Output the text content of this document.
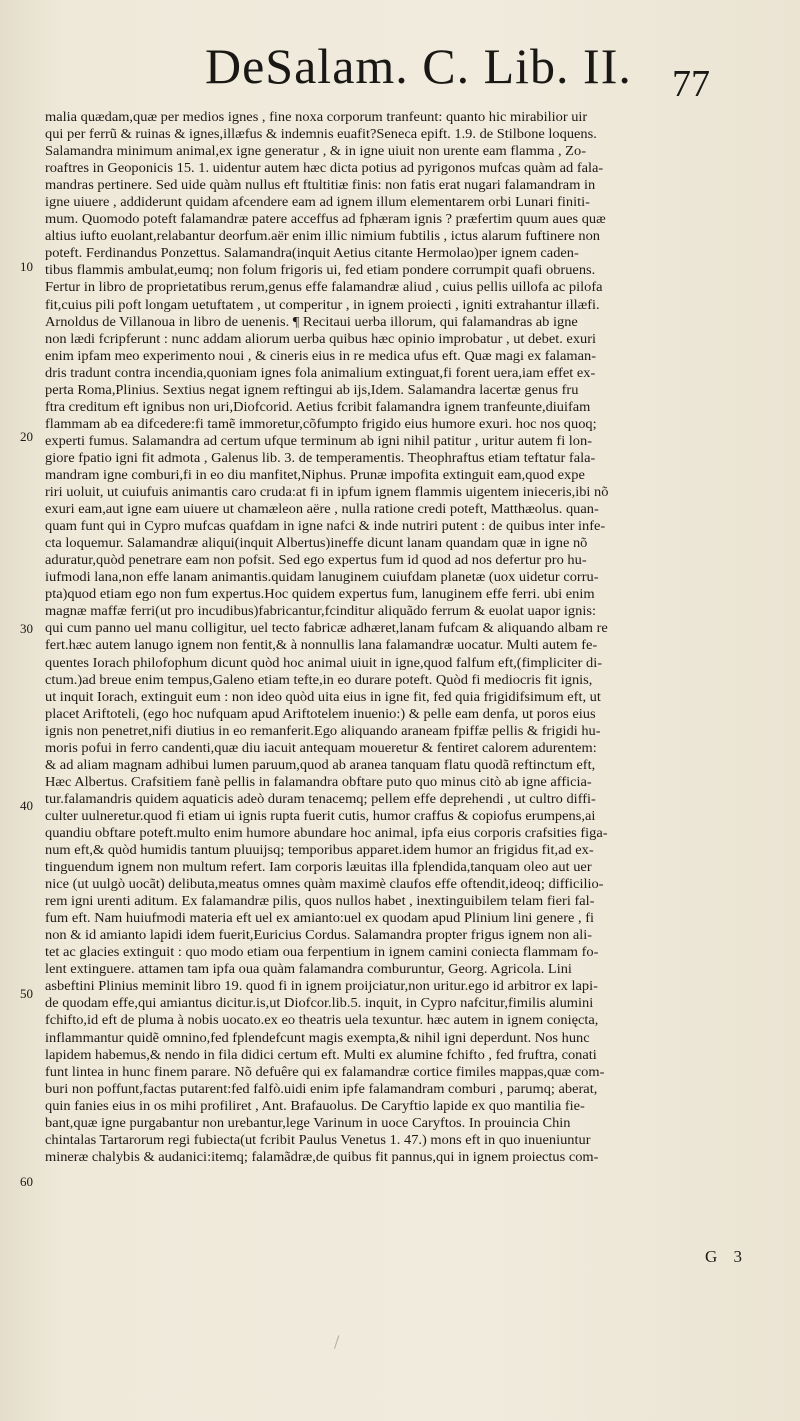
DeSalam. C. Lib. II. 77
10
20
30
40
50
60
malia quædam,quæ per medios ignes , fine noxa corporum tranfeunt: quanto hic mirabilior uir
qui per ferrũ & ruinas & ignes,illæfus & indemnis euafit?Seneca epift. 1.9. de Stilbone loquens.
Salamandra minimum animal,ex igne generatur , & in igne uiuit non urente eam flamma , Zo-
roaftres in Geoponicis 15. 1. uidentur autem hæc dicta potius ad pyrigonos mufcas quàm ad fala-
mandras pertinere. Sed uide quàm nullus eft ftultitiæ finis: non fatis erat nugari falamandram in
igne uiuere , addiderunt quidam afcendere eam ad ignem illum elementarem orbi Lunari finiti-
mum. Quomodo poteft falamandræ patere acceffus ad fphæram ignis ? præfertim quum aues quæ
altius iufto euolant,relabantur deorfum.aër enim illic nimium fubtilis , ictus alarum fuftinere non
poteft. Ferdinandus Ponzettus. Salamandra(inquit Aetius citante Hermolao)per ignem caden-
tibus flammis ambulat,eumq; non folum frigoris ui, fed etiam pondere corrumpit quafi obruens.
Fertur in libro de proprietatibus rerum,genus effe falamandræ aliud , cuius pellis uillofa ac pilofa
fit,cuius pili poft longam uetuftatem , ut comperitur , in ignem proiecti , igniti extrahantur illæfi.
Arnoldus de Villanoua in libro de uenenis. ¶ Recitaui uerba illorum, qui falamandras ab igne
non lædi fcripferunt : nunc addam aliorum uerba quibus hæc opinio improbatur , ut debet. exuri
enim ipfam meo experimento noui , & cineris eius in re medica ufus eft. Quæ magi ex falaman-
dris tradunt contra incendia,quoniam ignes fola animalium extinguat,fi forent uera,iam effet ex-
perta Roma,Plinius. Sextius negat ignem reftingui ab ijs,Idem. Salamandra lacertæ genus fru
ftra creditum eft ignibus non uri,Diofcorid. Aetius fcribit falamandra ignem tranfeunte,diuifam
flammam ab ea difcedere:fi tamẽ immoretur,cõfumpto frigido eius humore exuri. hoc nos quoq;
experti fumus. Salamandra ad certum ufque terminum ab igni nihil patitur , uritur autem fi lon-
giore fpatio igni fit admota , Galenus lib. 3. de temperamentis. Theophraftus etiam teftatur fala-
mandram igne comburi,fi in eo diu manfitet,Niphus. Prunæ impofita extinguit eam,quod expe
riri uoluit, ut cuiufuis animantis caro cruda:at fi in ipfum ignem flammis uigentem inieceris,ibi nõ
exuri eam,aut igne eam uiuere ut chamæleon aëre , nulla ratione credi poteft, Matthæolus. quan-
quam funt qui in Cypro mufcas quafdam in igne nafci & inde nutriri putent : de quibus inter infe-
cta loquemur. Salamandræ aliqui(inquit Albertus)ineffe dicunt lanam quandam quæ in igne nõ
aduratur,quòd penetrare eam non pofsit. Sed ego expertus fum id quod ad nos defertur pro hu-
iufmodi lana,non effe lanam animantis.quidam lanuginem cuiufdam planetæ (uox uidetur corru-
pta)quod etiam ego non fum expertus.Hoc quidem expertus fum, lanuginem effe ferri. ubi enim
magnæ maffæ ferri(ut pro incudibus)fabricantur,fcinditur aliquãdo ferrum & euolat uapor ignis:
qui cum panno uel manu colligitur, uel tecto fabricæ adhæret,lanam fufcam & aliquando albam re
fert.hæc autem lanugo ignem non fentit,& à nonnullis lana falamandræ uocatur. Multi autem fe-
quentes Iorach philofophum dicunt quòd hoc animal uiuit in igne,quod falfum eft,(fimpliciter di-
ctum.)ad breue enim tempus,Galeno etiam tefte,in eo durare poteft. Quòd fi mediocris fit ignis,
ut inquit Iorach, extinguit eum : non ideo quòd uita eius in igne fit, fed quia frigidifsimum eft, ut
placet Ariftoteli, (ego hoc nufquam apud Ariftotelem inuenio:) & pelle eam denfa, ut poros eius
ignis non penetret,nifi diutius in eo remanferit.Ego aliquando araneam fpiffæ pellis & frigidi hu-
moris pofui in ferro candenti,quæ diu iacuit antequam moueretur & fentiret calorem adurentem:
& ad aliam magnam adhibui lumen paruum,quod ab aranea tanquam flatu quodã reftinctum eft,
Hæc Albertus. Crafsitiem fanè pellis in falamandra obftare puto quo minus citò ab igne afficia-
tur.falamandris quidem aquaticis adeò duram tenacemq; pellem effe deprehendi , ut cultro diffi-
culter uulneretur.quod fi etiam ui ignis rupta fuerit cutis, humor craffus & copiofus erumpens,ai
quandiu obftare poteft.multo enim humore abundare hoc animal, ipfa eius corporis crafsities figa-
num eft,& quòd humidis tantum pluuijsq; temporibus apparet.idem humor an frigidus fit,ad ex-
tinguendum ignem non multum refert. Iam corporis læuitas illa fplendida,tanquam oleo aut uer
nice (ut uulgò uocãt) delibuta,meatus omnes quàm maximè claufos effe oftendit,ideoq; difficilio-
rem igni urenti aditum. Ex falamandræ pilis, quos nullos habet , inextinguibilem telam fieri fal-
fum eft. Nam huiufmodi materia eft uel ex amianto:uel ex quodam apud Plinium lini genere , fi
non & id amianto lapidi idem fuerit,Euricius Cordus. Salamandra propter frigus ignem non ali-
tet ac glacies extinguit : quo modo etiam oua ferpentium in ignem camini coniecta flammam fo-
lent extinguere. attamen tam ipfa oua quàm falamandra comburuntur, Georg. Agricola. Lini
asbeftini Plinius meminit libro 19. quod fi in ignem proijciatur,non uritur.ego id arbitror ex lapi-
de quodam effe,qui amiantus dicitur.is,ut Diofcor.lib.5. inquit, in Cypro nafcitur,fimilis alumini
fchifto,id eft de pluma à nobis uocato.ex eo theatris uela texuntur. hæc autem in ignem conięcta,
inflammantur quidẽ omnino,fed fplendefcunt magis exempta,& nihil igni deperdunt. Nos hunc
lapidem habemus,& nendo in fila didici certum eft. Multi ex alumine fchifto , fed fruftra, conati
funt lintea in hunc finem parare. Nõ defuêre qui ex falamandræ cortice fimiles mappas,quæ com-
buri non poffunt,factas putarent:fed falfò.uidi enim ipfe falamandram comburi , parumq; aberat,
quin fanies eius in os mihi profiliret , Ant. Brafauolus. De Caryftio lapide ex quo mantilia fie-
bant,quæ igne purgabantur non urebantur,lege Varinum in uoce Caryftos. In prouincia Chin
chintalas Tartarorum regi fubiecta(ut fcribit Paulus Venetus 1. 47.) mons eft in quo inueniuntur
mineræ chalybis & audanici:itemq; falamãdræ,de quibus fit pannus,qui in ignem proiectus com-
G 3
